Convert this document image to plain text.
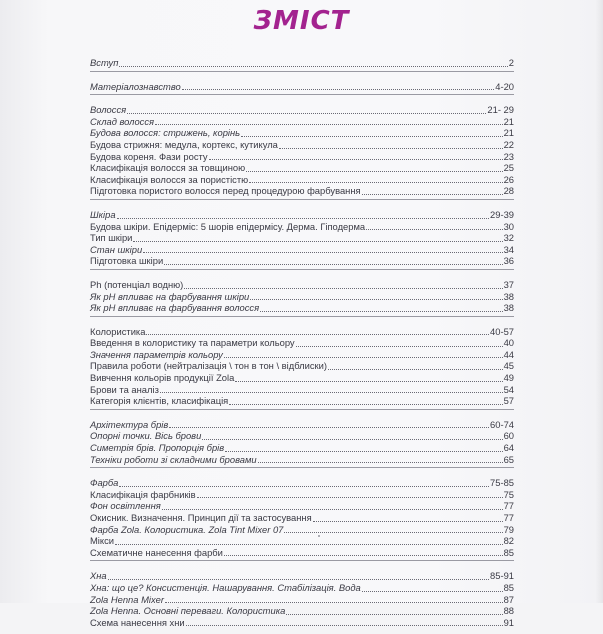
ЗМІСТ
Вступ	2
Матеріалознавство	4-20
Волосся	21- 29
Склад волосся	21
Будова волосся: стрижень, корінь	21
Будова стрижня: медула, кортекс, кутикула	22
Будова кореня. Фази росту	23
Класифікація волосся за товщиною	25
Класифікація волосся за пористістю	26
Підготовка пористого волосся перед процедурою фарбування	28
Шкіра	29-39
Будова шкіри. Епідерміс: 5 шорів епідермісу. Дерма. Гіподерма	30
Тип шкіри	32
Стан шкіри	34
Підготовка шкіри	36
Ph (потенціал водню)	37
Як pH впливає на фарбування шкіри	38
Як pH впливає на фарбування волосся	38
Колористика	40-57
Введення в колористику та параметри кольору	40
Значення параметрів кольору	44
Правила роботи (нейтралізація \ тон в тон \ відблиски)	45
Вивчення кольорів продукції Zola	49
Брови та аналіз	54
Категорія клієнтів, класифікація	57
Архітектура брів	60-74
Опорні точки. Вісь брови	60
Симетрія брів. Пропорція брів	64
Техніки роботи зі складними бровами	65
Фарба	75-85
Класифікація фарбників	75
Фон освітлення	77
Окисник. Визначення. Принцип дії та застосування	77
Фарба Zola. Колористика. Zola Tint Mixer 07	79
Мікси	82
Схематичне нанесення фарби	85
Хна	85-91
Хна: що це? Консистенція. Нашарування. Стабілізація. Вода	85
Zola Henna Mixer	87
Zola Henna. Основні переваги. Колористика	88
Схема нанесення хни	91
